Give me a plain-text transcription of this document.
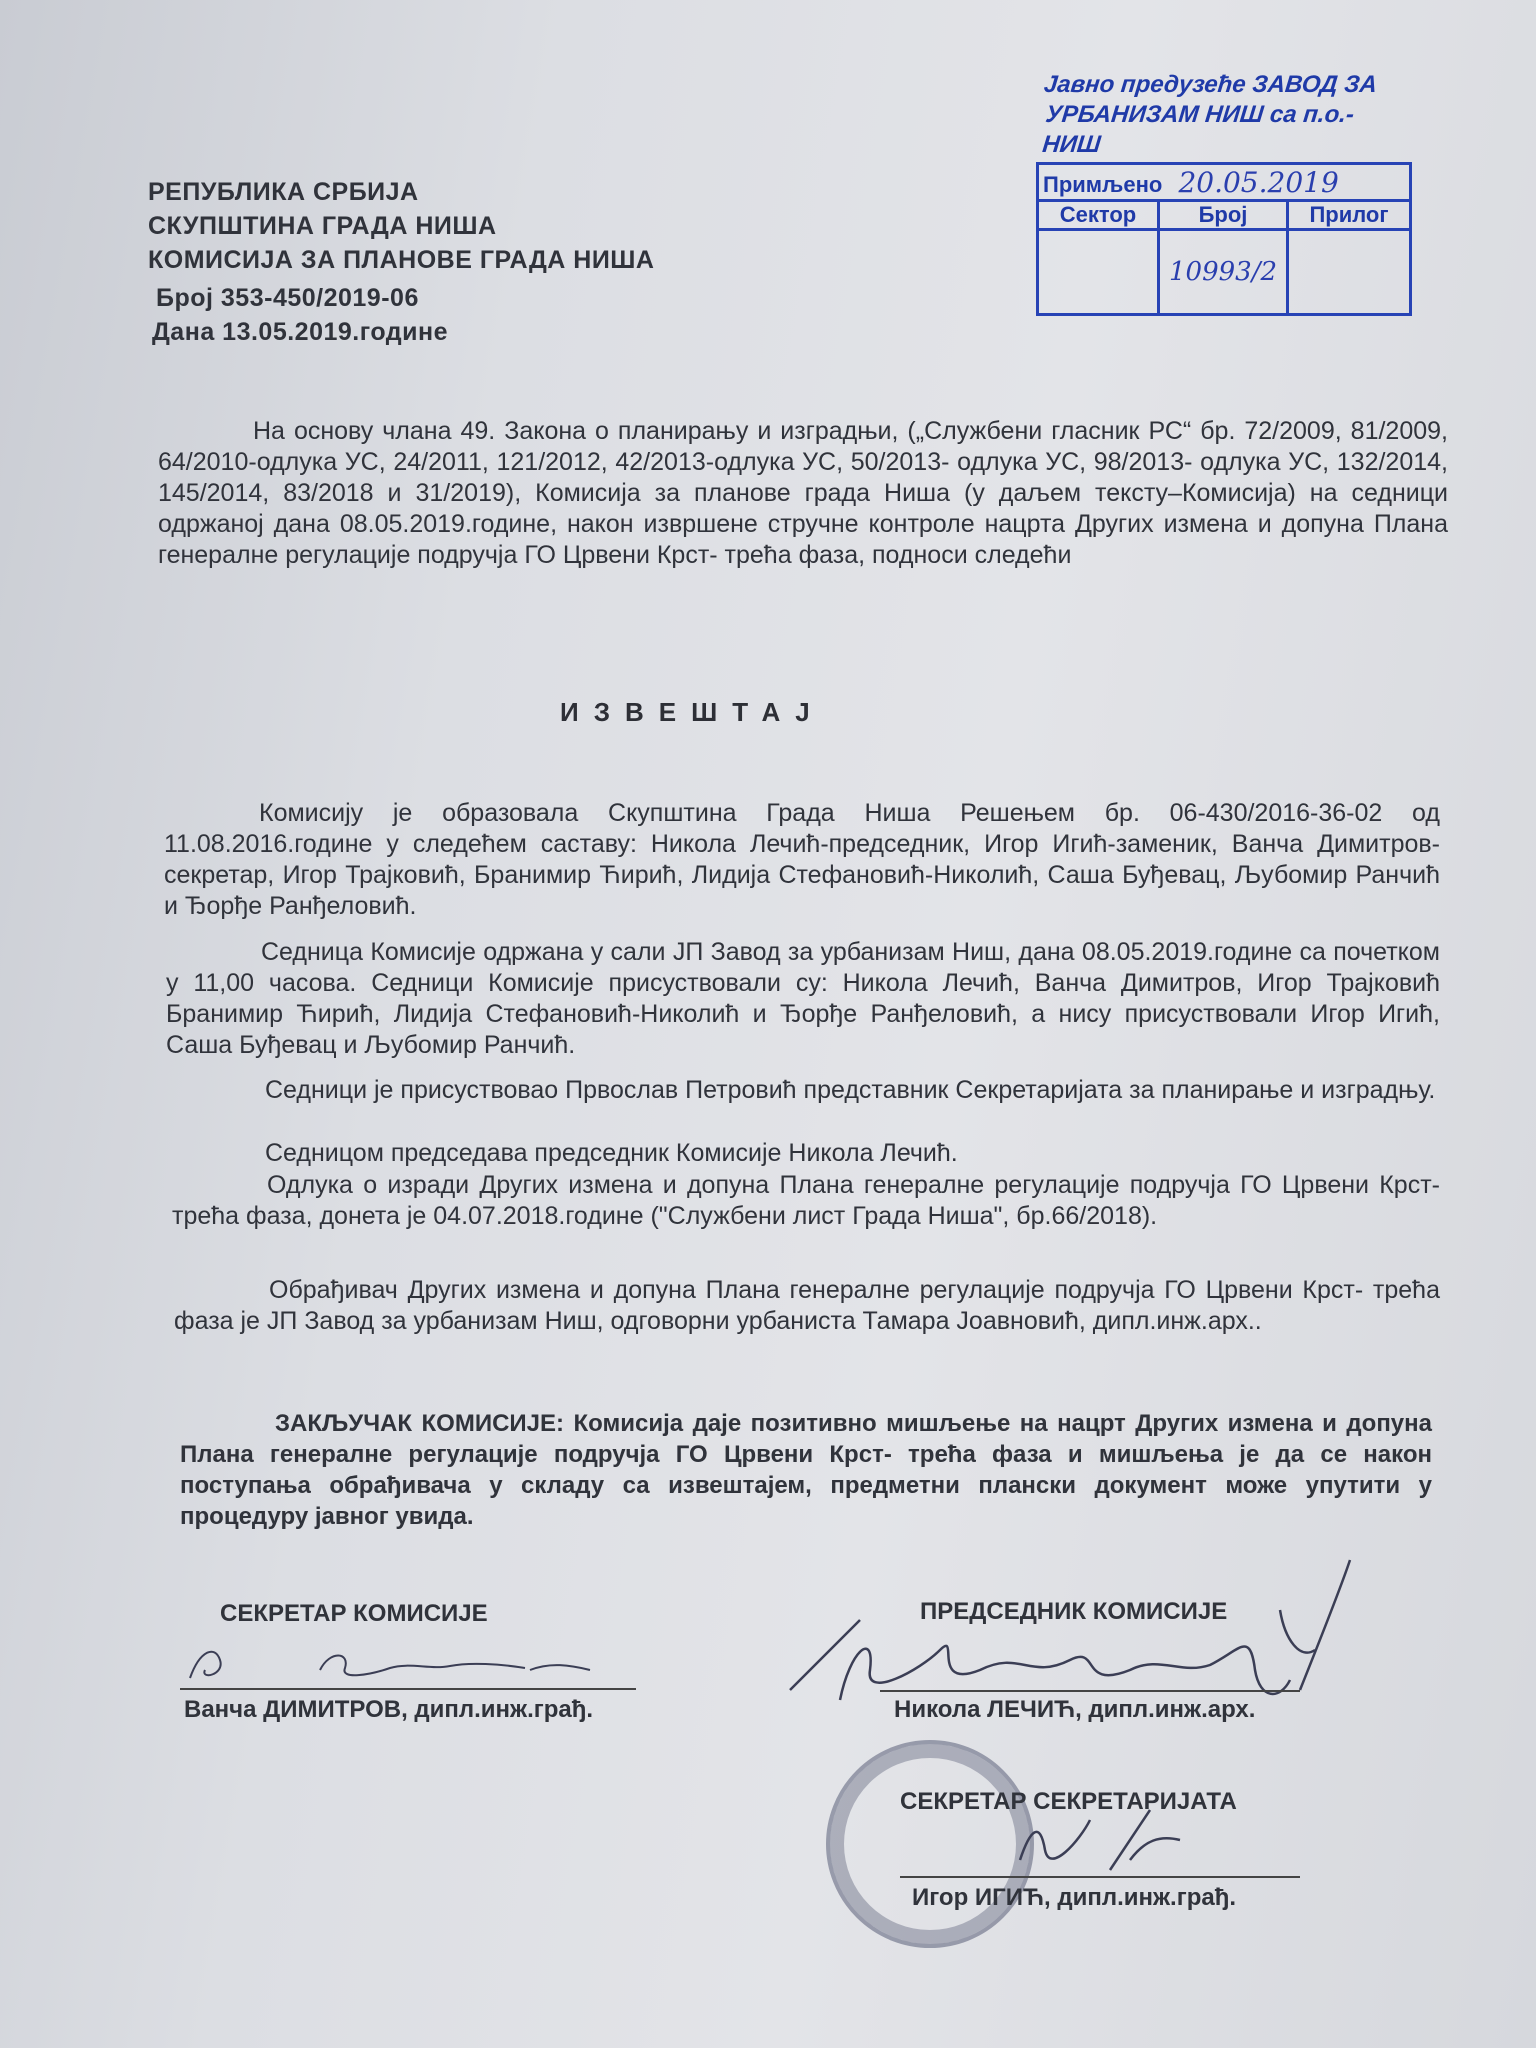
РЕПУБЛИКА СРБИЈА
СКУПШТИНА ГРАДА НИША
КОМИСИЈА ЗА ПЛАНОВЕ ГРАДА НИША
Број 353-450/2019-06
Дана 13.05.2019.године
Јавно предузеће ЗАВОД ЗА
УРБАНИЗАМ НИШ са п.о.- НИШ
Примљено 20.05.2019		
Сектор	Број	Прилог
	10993/2	
На основу члана 49. Закона о планирању и изградњи, („Службени гласник РС“ бр. 72/2009, 81/2009, 64/2010-одлука УС, 24/2011, 121/2012, 42/2013-одлука УС, 50/2013- одлука УС, 98/2013- одлука УС, 132/2014, 145/2014, 83/2018 и 31/2019), Комисија за планове града Ниша (у даљем тексту–Комисија) на седници одржаној дана 08.05.2019.године, након извршене стручне контроле нацрта Других измена и допуна Плана генералне регулације подручја ГО Црвени Крст- трећа фаза, подноси следећи
ИЗВЕШТАЈ
Комисију је образовала Скупштина Града Ниша Решењем бр. 06-430/2016-36-02 од 11.08.2016.године у следећем саставу: Никола Лечић-председник, Игор Игић-заменик, Ванча Димитров-секретар, Игор Трајковић, Бранимир Ћирић, Лидија Стефановић-Николић, Саша Буђевац, Љубомир Ранчић и Ђорђе Ранђеловић.
Седница Комисије одржана у сали ЈП Завод за урбанизам Ниш, дана 08.05.2019.године са почетком у 11,00 часова. Седници Комисије присуствовали су: Никола Лечић, Ванча Димитров, Игор Трајковић Бранимир Ћирић, Лидија Стефановић-Николић и Ђорђе Ранђеловић, а нису присуствовали Игор Игић, Саша Буђевац и Љубомир Ранчић.
Седници је присуствовао Првослав Петровић представник Секретаријата за планирање и изградњу.
Седницом председава председник Комисије Никола Лечић.
Одлука о изради Других измена и допуна Плана генералне регулације подручја ГО Црвени Крст- трећа фаза, донета је 04.07.2018.године ("Службени лист Града Ниша", бр.66/2018).
Обрађивач Других измена и допуна Плана генералне регулације подручја ГО Црвени Крст- трећа фаза је ЈП Завод за урбанизам Ниш, одговорни урбаниста Тамара Јоавновић, дипл.инж.арх..
ЗАКЉУЧАК КОМИСИЈЕ: Комисија даје позитивно мишљење на нацрт Других измена и допуна Плана генералне регулације подручја ГО Црвени Крст- трећа фаза и мишљења је да се након поступања обрађивача у складу са извештајем, предметни плански документ може упутити у процедуру јавног увида.
СЕКРЕТАР КОМИСИЈЕ
Ванча ДИМИТРОВ, дипл.инж.грађ.
ПРЕДСЕДНИК КОМИСИЈЕ
Никола ЛЕЧИЋ, дипл.инж.арх.
СЕКРЕТАР СЕКРЕТАРИЈАТА
Игор ИГИЋ, дипл.инж.грађ.
